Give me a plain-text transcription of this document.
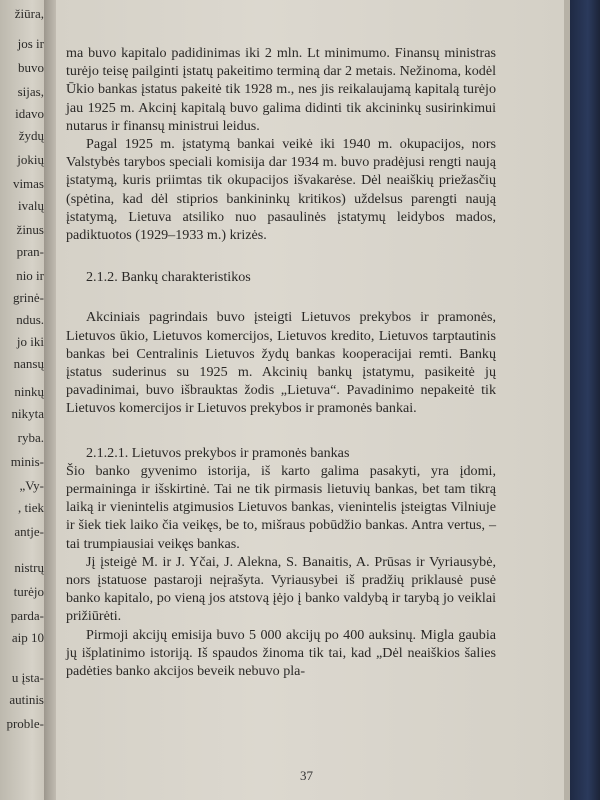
žiūra,
jos ir
buvo
sijas,
idavo
žydų
jokių
vimas
ivalų
žinus
pran-
nio ir
grinė-
ndus.
jo iki
nansų
ninkų
nikyta
ryba.
minis-
„Vy-
, tiek
antje-
nistrų
turėjo
parda-
aip 10
u įsta-
autinis
proble-

ma buvo kapitalo padidinimas iki 2 mln. Lt minimumo. Finansų ministras turėjo teisę pailginti įstatų pakeitimo terminą dar 2 metais. Nežinoma, kodėl Ūkio bankas įstatus pakeitė tik 1928 m., nes jis reikalaujamą kapitalą turėjo jau 1925 m. Akcinį kapitalą buvo galima didinti tik akcininkų susirinkimui nutarus ir finansų ministrui leidus.

Pagal 1925 m. įstatymą bankai veikė iki 1940 m. okupacijos, nors Valstybės tarybos speciali komisija dar 1934 m. buvo pradėjusi rengti naują įstatymą, kuris priimtas tik okupacijos išvakarėse. Dėl neaiškių priežasčių (spėtina, kad dėl stiprios bankininkų kritikos) uždelsus parengti naują įstatymą, Lietuva atsiliko nuo pasaulinės įstatymų leidybos mados, padiktuotos (1929–1933 m.) krizės.

2.1.2. Bankų charakteristikos

Akciniais pagrindais buvo įsteigti Lietuvos prekybos ir pramonės, Lietuvos ūkio, Lietuvos komercijos, Lietuvos kredito, Lietuvos tarptautinis bankas bei Centralinis Lietuvos žydų bankas kooperacijai remti. Bankų įstatus suderinus su 1925 m. Akcinių bankų įstatymu, pasikeitė jų pavadinimai, buvo išbrauktas žodis „Lietuva“. Pavadinimo nepakeitė tik Lietuvos komercijos ir Lietuvos prekybos ir pramonės bankai.

2.1.2.1. Lietuvos prekybos ir pramonės bankas

Šio banko gyvenimo istorija, iš karto galima pasakyti, yra įdomi, permaininga ir išskirtinė. Tai ne tik pirmasis lietuvių bankas, bet tam tikrą laiką ir vienintelis atgimusios Lietuvos bankas, vienintelis įsteigtas Vilniuje ir šiek tiek laiko čia veikęs, be to, mišraus pobūdžio bankas. Antra vertus, – tai trumpiausiai veikęs bankas.

Jį įsteigė M. ir J. Yčai, J. Alekna, S. Banaitis, A. Prūsas ir Vyriausybė, nors įstatuose pastaroji neįrašyta. Vyriausybei iš pradžių priklausė pusė banko kapitalo, po vieną jos atstovą įėjo į banko valdybą ir tarybą jo veiklai prižiūrėti.

Pirmoji akcijų emisija buvo 5 000 akcijų po 400 auksinų. Migla gaubia jų išplatinimo istoriją. Iš spaudos žinoma tik tai, kad „Dėl neaiškios šalies padėties banko akcijos beveik nebuvo pla-

37
